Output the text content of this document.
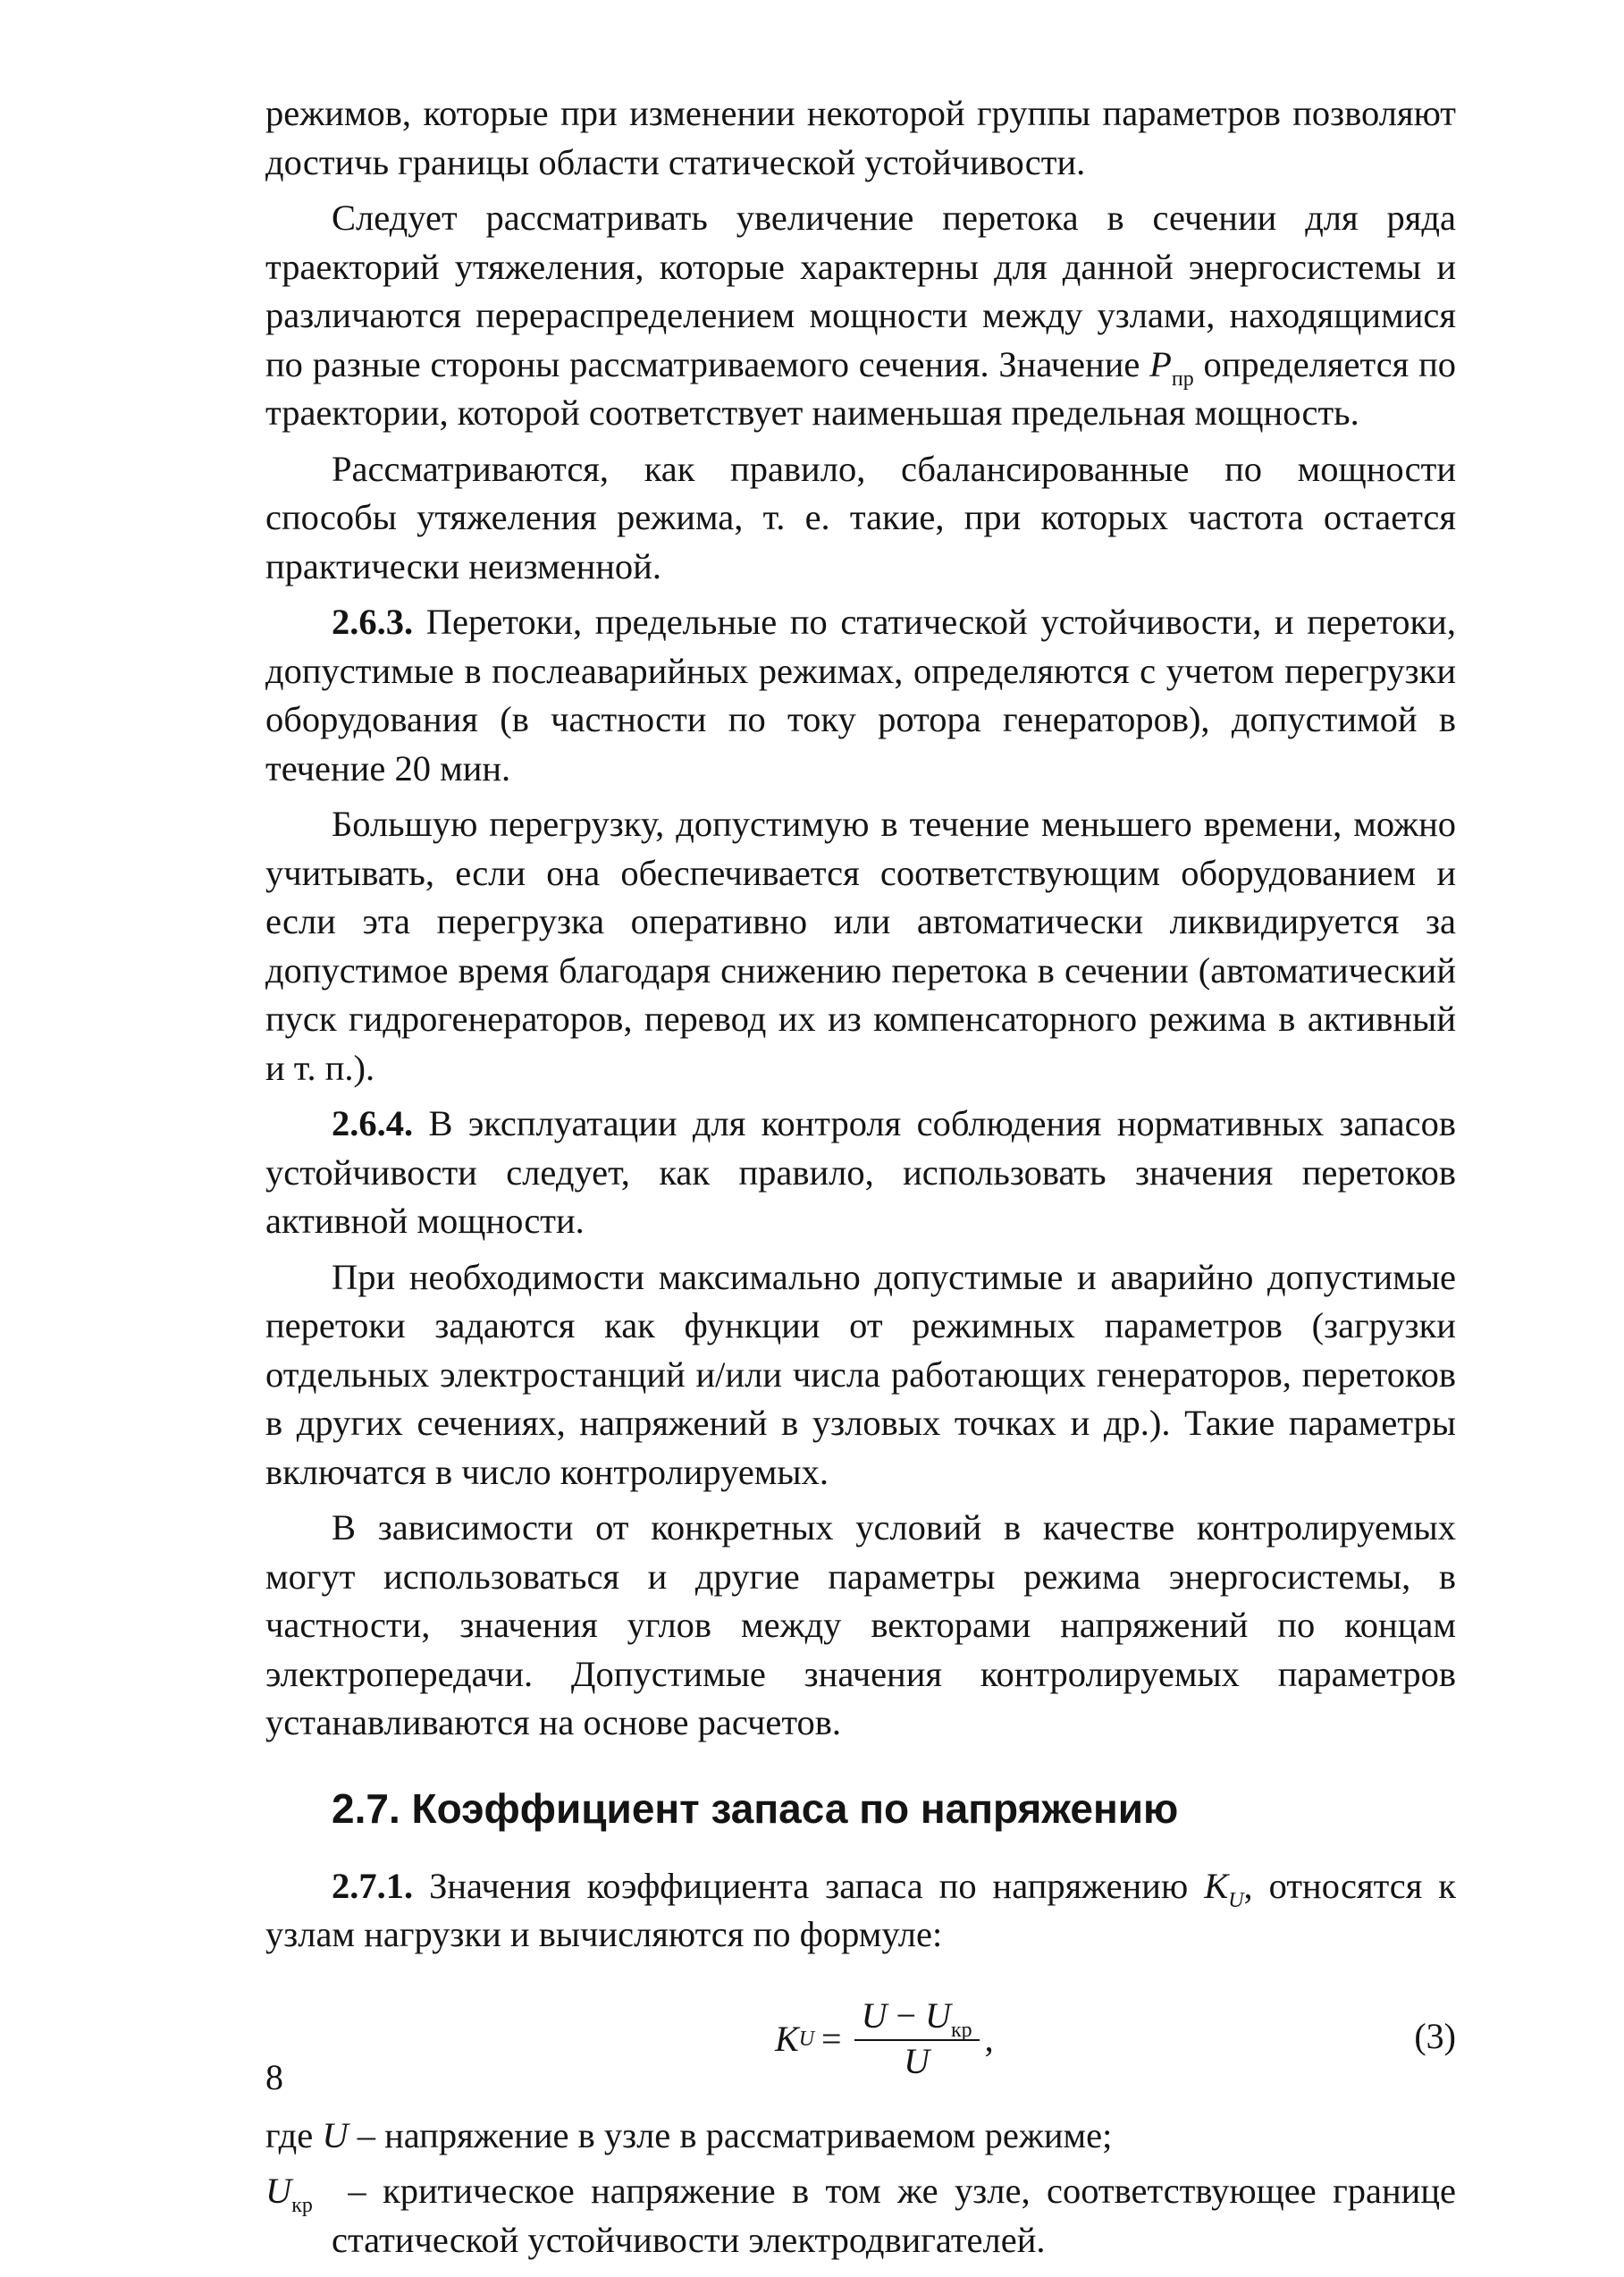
режимов, которые при изменении некоторой группы параметров позволяют достичь границы области статической устойчивости.

Следует рассматривать увеличение перетока в сечении для ряда траекторий утяжеления, которые характерны для данной энергосистемы и различаются перераспределением мощности между узлами, находящимися по разные стороны рассматриваемого сечения. Значение $P_{пр}$ определяется по траектории, которой соответствует наименьшая предельная мощность.

Рассматриваются, как правило, сбалансированные по мощности способы утяжеления режима, т. е. такие, при которых частота остается практически неизменной.

2.6.3. Перетоки, предельные по статической устойчивости, и перетоки, допустимые в послеаварийных режимах, определяются с учетом перегрузки оборудования (в частности по току ротора генераторов), допустимой в течение 20 мин.

Большую перегрузку, допустимую в течение меньшего времени, можно учитывать, если она обеспечивается соответствующим оборудованием и если эта перегрузка оперативно или автоматически ликвидируется за допустимое время благодаря снижению перетока в сечении (автоматический пуск гидрогенераторов, перевод их из компенсаторного режима в активный и т. п.).

2.6.4. В эксплуатации для контроля соблюдения нормативных запасов устойчивости следует, как правило, использовать значения перетоков активной мощности.

При необходимости максимально допустимые и аварийно допустимые перетоки задаются как функции от режимных параметров (загрузки отдельных электростанций и/или числа работающих генераторов, перетоков в других сечениях, напряжений в узловых точках и др.). Такие параметры включатся в число контролируемых.

В зависимости от конкретных условий в качестве контролируемых могут использоваться и другие параметры режима энергосистемы, в частности, значения углов между векторами напряжений по концам электропередачи. Допустимые значения контролируемых параметров устанавливаются на основе расчетов.

2.7. Коэффициент запаса по напряжению

2.7.1. Значения коэффициента запаса по напряжению $K_U$, относятся к узлам нагрузки и вычисляются по формуле:

K $U = \frac{U - U_{кр}}{U}$ ,	(3)

где U – напряжение в узле в рассматриваемом режиме;

$U_{кр}$ – критическое напряжение в том же узле, соответствующее границе статической устойчивости электродвигателей.

8
